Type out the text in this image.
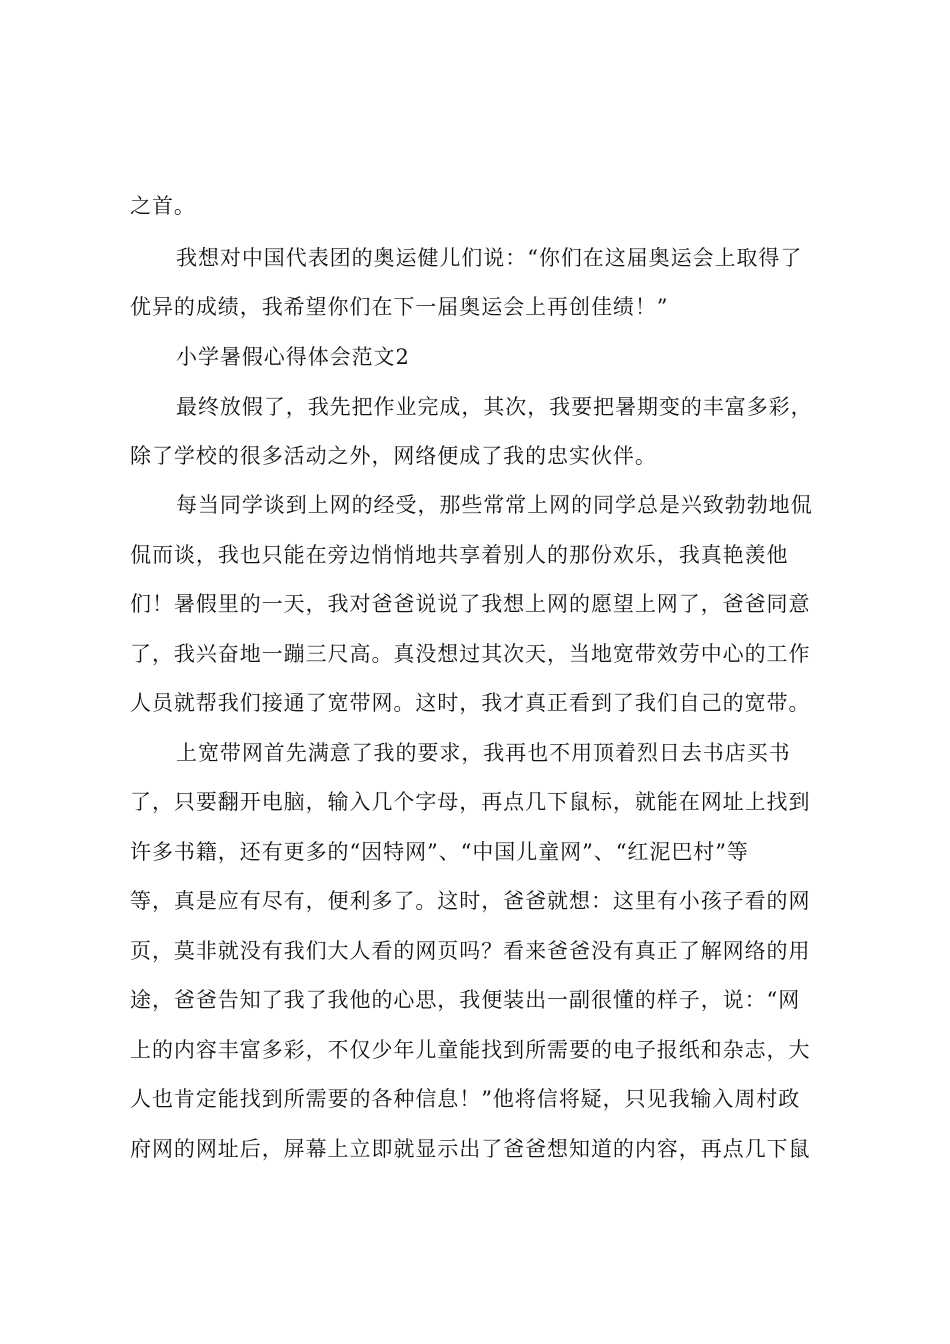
之首。

我想对中国代表团的奥运健儿们说：“你们在这届奥运会上取得了

优异的成绩，我希望你们在下一届奥运会上再创佳绩！”

小学暑假心得体会范文2

最终放假了，我先把作业完成，其次，我要把暑期变的丰富多彩，

除了学校的很多活动之外，网络便成了我的忠实伙伴。

每当同学谈到上网的经受，那些常常上网的同学总是兴致勃勃地侃

侃而谈，我也只能在旁边悄悄地共享着别人的那份欢乐，我真艳羡他

们！暑假里的一天，我对爸爸说说了我想上网的愿望上网了，爸爸同意

了，我兴奋地一蹦三尺高。真没想过其次天，当地宽带效劳中心的工作

人员就帮我们接通了宽带网。这时，我才真正看到了我们自己的宽带。

上宽带网首先满意了我的要求，我再也不用顶着烈日去书店买书

了，只要翻开电脑，输入几个字母，再点几下鼠标，就能在网址上找到

许多书籍，还有更多的“因特网”、“中国儿童网”、“红泥巴村”等

等，真是应有尽有，便利多了。这时，爸爸就想：这里有小孩子看的网

页，莫非就没有我们大人看的网页吗？看来爸爸没有真正了解网络的用

途，爸爸告知了我了我他的心思，我便装出一副很懂的样子，说：“网

上的内容丰富多彩，不仅少年儿童能找到所需要的电子报纸和杂志，大

人也肯定能找到所需要的各种信息！”他将信将疑，只见我输入周村政

府网的网址后，屏幕上立即就显示出了爸爸想知道的内容，再点几下鼠
